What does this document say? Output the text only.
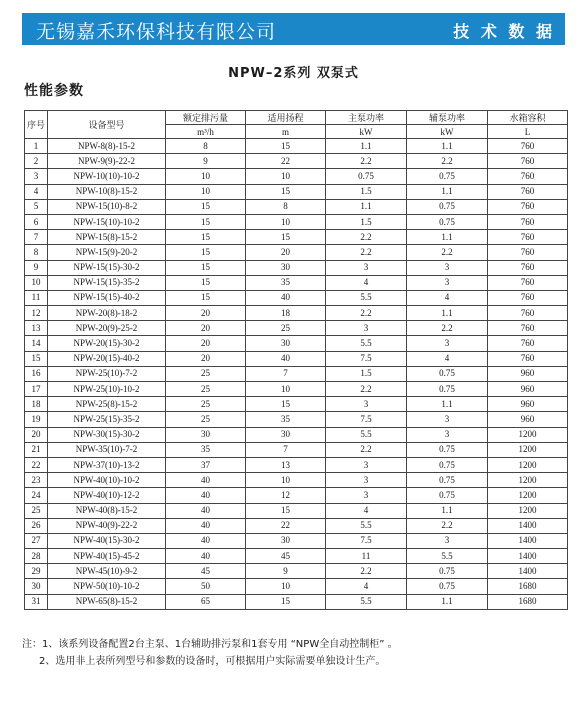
无锡嘉禾环保科技有限公司	技 术 数 据
NPW–2系列 双泵式
性能参数
序号	设备型号	额定排污量	适用扬程	主泵功率	辅泵功率	水箱容积
		m³/h	m	kW	kW	L
1	NPW-8(8)-15-2	8	15	1.1	1.1	760
2	NPW-9(9)-22-2	9	22	2.2	2.2	760
3	NPW-10(10)-10-2	10	10	0.75	0.75	760
4	NPW-10(8)-15-2	10	15	1.5	1.1	760
5	NPW-15(10)-8-2	15	8	1.1	0.75	760
6	NPW-15(10)-10-2	15	10	1.5	0.75	760
7	NPW-15(8)-15-2	15	15	2.2	1.1	760
8	NPW-15(9)-20-2	15	20	2.2	2.2	760
9	NPW-15(15)-30-2	15	30	3	3	760
10	NPW-15(15)-35-2	15	35	4	3	760
11	NPW-15(15)-40-2	15	40	5.5	4	760
12	NPW-20(8)-18-2	20	18	2.2	1.1	760
13	NPW-20(9)-25-2	20	25	3	2.2	760
14	NPW-20(15)-30-2	20	30	5.5	3	760
15	NPW-20(15)-40-2	20	40	7.5	4	760
16	NPW-25(10)-7-2	25	7	1.5	0.75	960
17	NPW-25(10)-10-2	25	10	2.2	0.75	960
18	NPW-25(8)-15-2	25	15	3	1.1	960
19	NPW-25(15)-35-2	25	35	7.5	3	960
20	NPW-30(15)-30-2	30	30	5.5	3	1200
21	NPW-35(10)-7-2	35	7	2.2	0.75	1200
22	NPW-37(10)-13-2	37	13	3	0.75	1200
23	NPW-40(10)-10-2	40	10	3	0.75	1200
24	NPW-40(10)-12-2	40	12	3	0.75	1200
25	NPW-40(8)-15-2	40	15	4	1.1	1200
26	NPW-40(9)-22-2	40	22	5.5	2.2	1400
27	NPW-40(15)-30-2	40	30	7.5	3	1400
28	NPW-40(15)-45-2	40	45	11	5.5	1400
29	NPW-45(10)-9-2	45	9	2.2	0.75	1400
30	NPW-50(10)-10-2	50	10	4	0.75	1680
31	NPW-65(8)-15-2	65	15	5.5	1.1	1680
注：1、该系列设备配置2台主泵、1台辅助排污泵和1套专用 “NPW全自动控制柜” 。
2、选用非上表所列型号和参数的设备时，可根据用户实际需要单独设计生产。
